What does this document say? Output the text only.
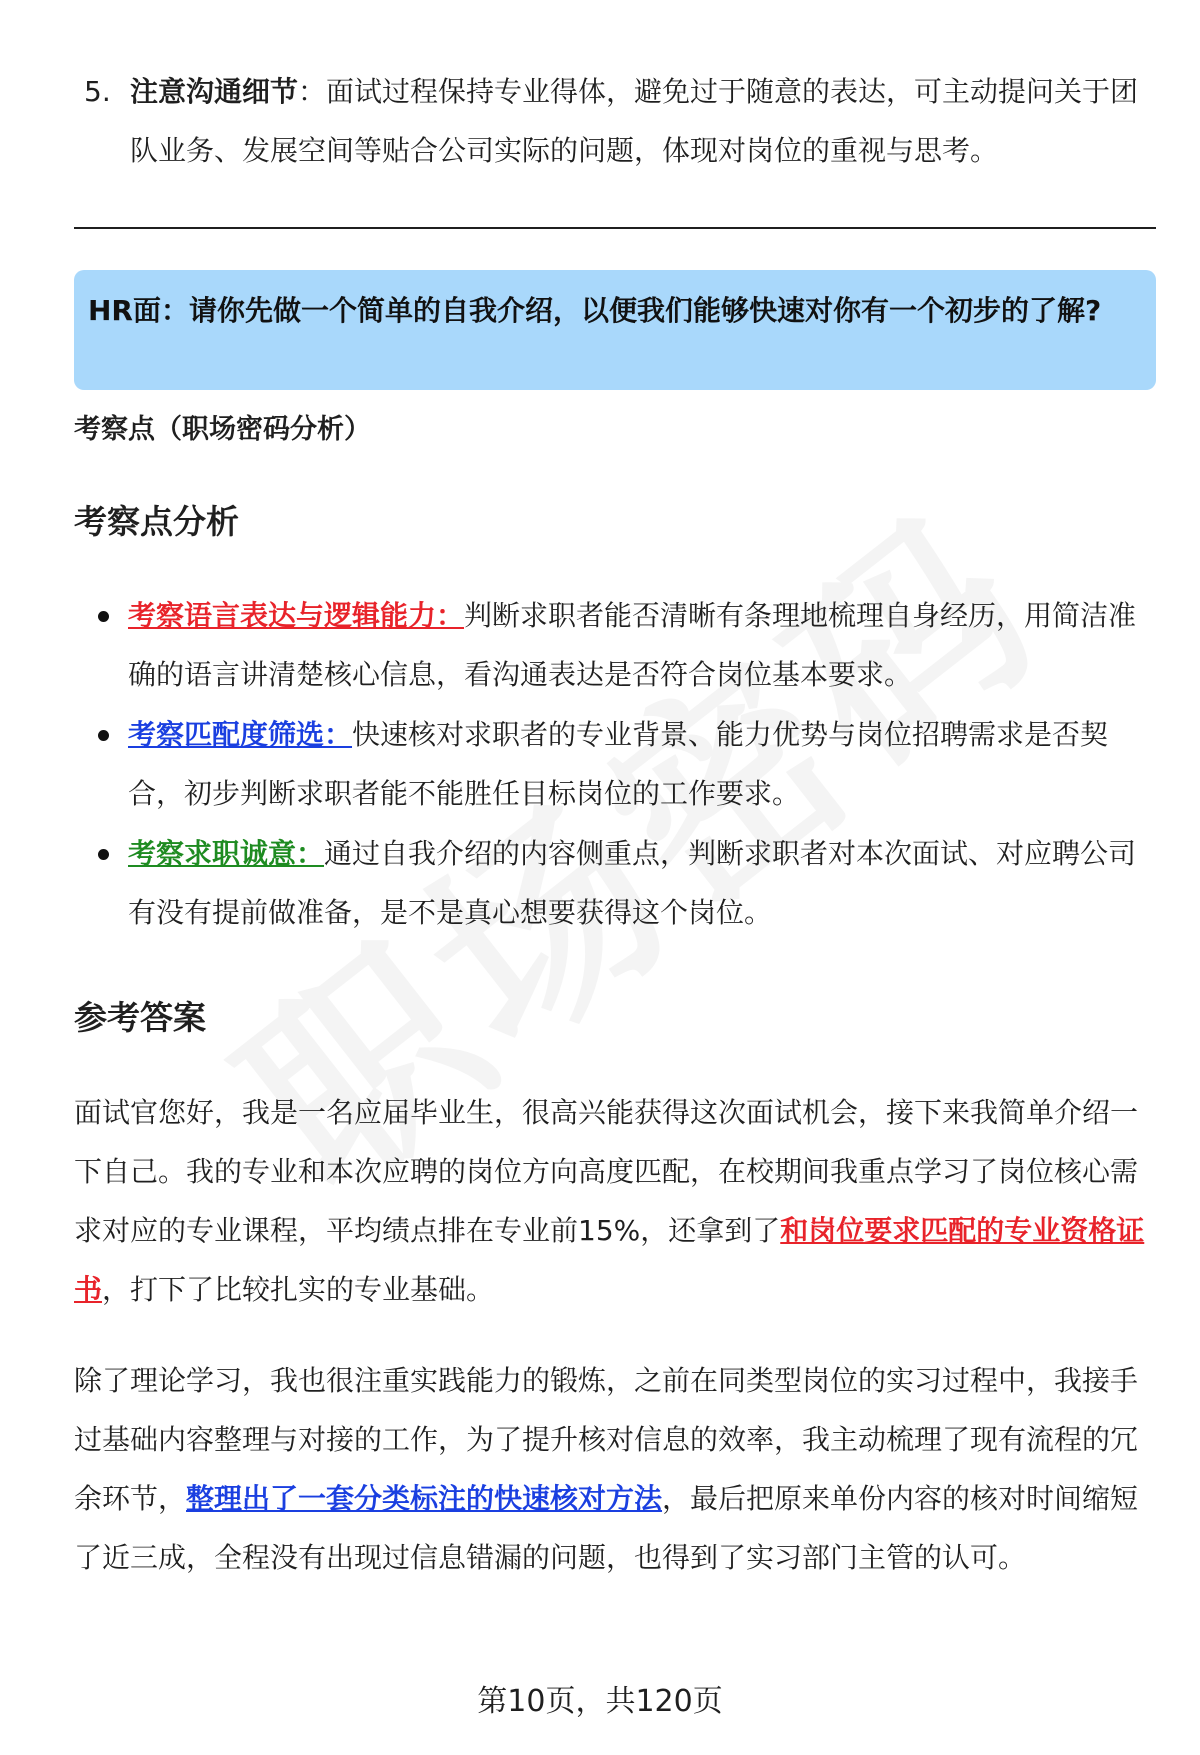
5. 注意沟通细节：面试过程保持专业得体，避免过于随意的表达，可主动提问关于团队业务、发展空间等贴合公司实际的问题，体现对岗位的重视与思考。
HR面：请你先做一个简单的自我介绍，以便我们能够快速对你有一个初步的了解?
考察点（职场密码分析）
考察点分析
考察语言表达与逻辑能力：判断求职者能否清晰有条理地梳理自身经历，用简洁准确的语言讲清楚核心信息，看沟通表达是否符合岗位基本要求。
考察匹配度筛选：快速核对求职者的专业背景、能力优势与岗位招聘需求是否契合，初步判断求职者能不能胜任目标岗位的工作要求。
考察求职诚意：通过自我介绍的内容侧重点，判断求职者对本次面试、对应聘公司有没有提前做准备，是不是真心想要获得这个岗位。
参考答案

面试官您好，我是一名应届毕业生，很高兴能获得这次面试机会，接下来我简单介绍一下自己。我的专业和本次应聘的岗位方向高度匹配，在校期间我重点学习了岗位核心需求对应的专业课程，平均绩点排在专业前15%，还拿到了和岗位要求匹配的专业资格证书，打下了比较扎实的专业基础。

除了理论学习，我也很注重实践能力的锻炼，之前在同类型岗位的实习过程中，我接手过基础内容整理与对接的工作，为了提升核对信息的效率，我主动梳理了现有流程的冗余环节，整理出了一套分类标注的快速核对方法，最后把原来单份内容的核对时间缩短了近三成，全程没有出现过信息错漏的问题，也得到了实习部门主管的认可。

第10页，共120页
